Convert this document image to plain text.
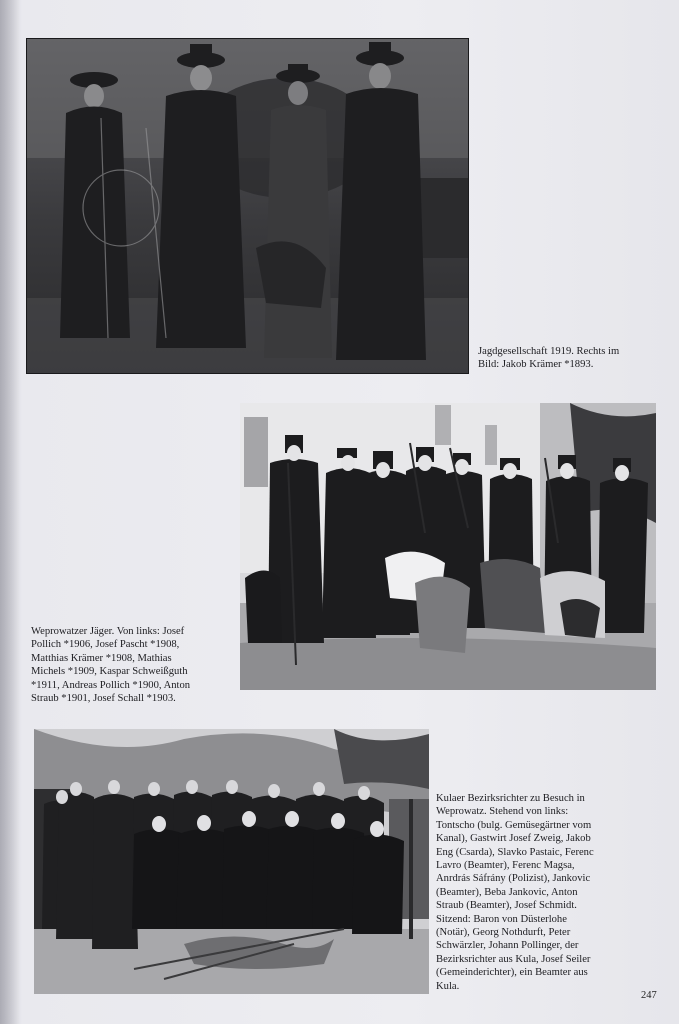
Jagdgesellschaft 1919. Rechts im
Bild: Jakob Krämer *1893.

Weprowatzer Jäger. Von links: Josef
Pollich *1906, Josef Pascht *1908,
Matthias Krämer *1908, Mathias
Michels *1909, Kaspar Schweißguth
*1911, Andreas Pollich *1900, Anton
Straub *1901, Josef Schall *1903.

Kulaer Bezirksrichter zu Besuch in
Weprowatz. Stehend von links:
Tontscho (bulg. Gemüsegärtner vom
Kanal), Gastwirt Josef Zweig, Jakob
Eng (Csarda), Slavko Pastaic, Ferenc
Lavro (Beamter), Ferenc Magsa,
Anrdrás Sáfrány (Polizist), Jankovic
(Beamter), Beba Jankovic, Anton
Straub (Beamter), Josef Schmidt.
Sitzend: Baron von Düsterlohe
(Notär), Georg Nothdurft, Peter
Schwärzler, Johann Pollinger, der
Bezirksrichter aus Kula, Josef Seiler
(Gemeinderichter), ein Beamter aus
Kula.

247
